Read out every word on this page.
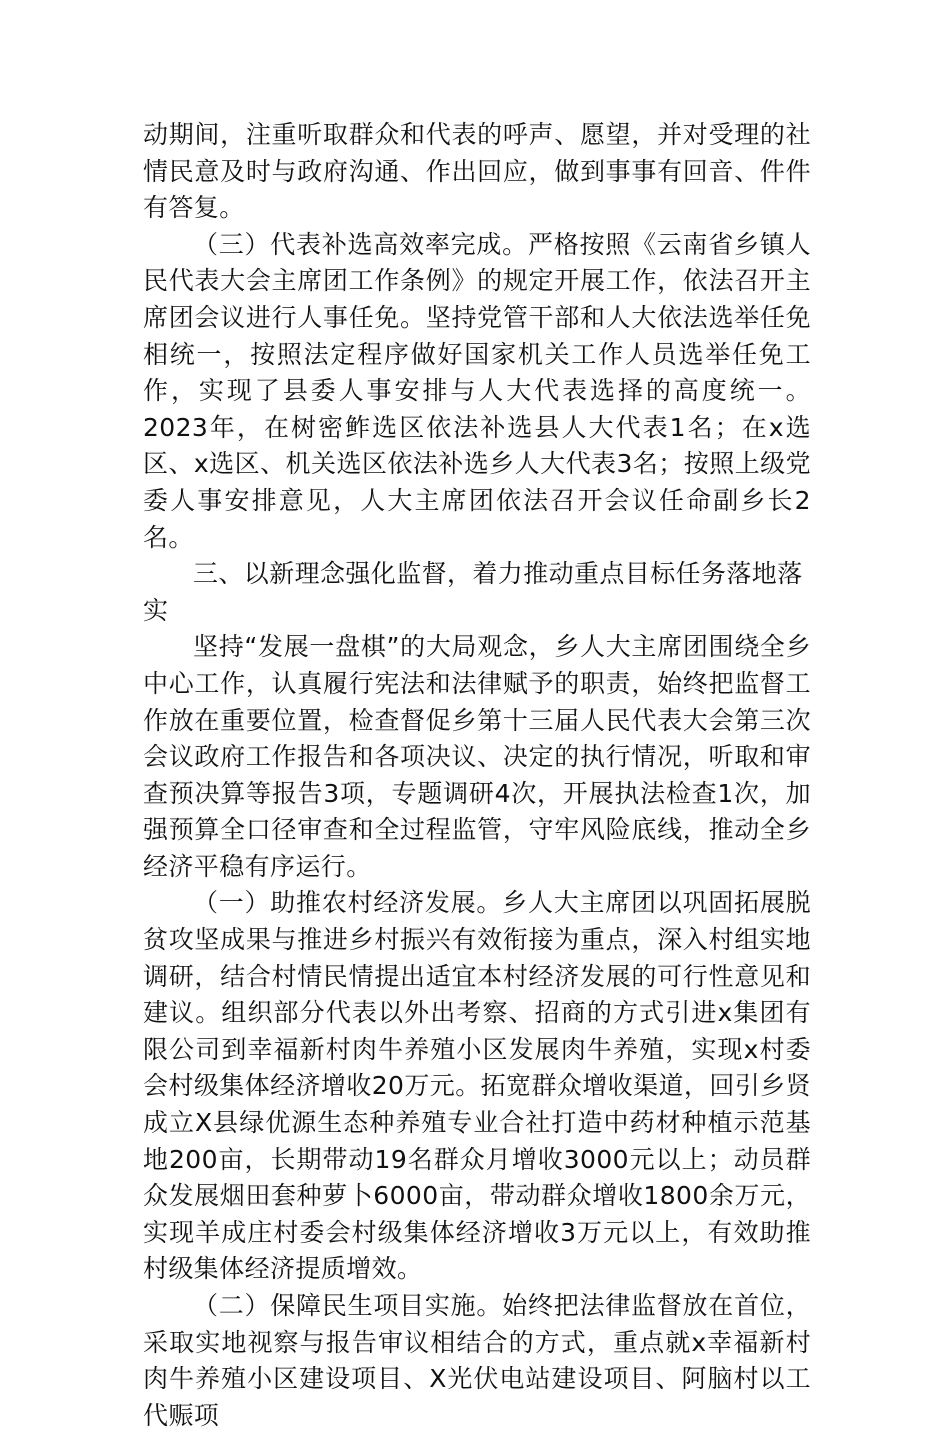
动期间，注重听取群众和代表的呼声、愿望，并对受理的社情民意及时与政府沟通、作出回应，做到事事有回音、件件有答复。

（三）代表补选高效率完成。严格按照《云南省乡镇人民代表大会主席团工作条例》的规定开展工作，依法召开主席团会议进行人事任免。坚持党管干部和人大依法选举任免相统一，按照法定程序做好国家机关工作人员选举任免工作，实现了县委人事安排与人大代表选择的高度统一。2023年，在树密鲊选区依法补选县人大代表1名；在x选区、x选区、机关选区依法补选乡人大代表3名；按照上级党委人事安排意见，人大主席团依法召开会议任命副乡长2名。

三、以新理念强化监督，着力推动重点目标任务落地落实

坚持“发展一盘棋”的大局观念，乡人大主席团围绕全乡中心工作，认真履行宪法和法律赋予的职责，始终把监督工作放在重要位置，检查督促乡第十三届人民代表大会第三次会议政府工作报告和各项决议、决定的执行情况，听取和审查预决算等报告3项，专题调研4次，开展执法检查1次，加强预算全口径审查和全过程监管，守牢风险底线，推动全乡经济平稳有序运行。

（一）助推农村经济发展。乡人大主席团以巩固拓展脱贫攻坚成果与推进乡村振兴有效衔接为重点，深入村组实地调研，结合村情民情提出适宜本村经济发展的可行性意见和建议。组织部分代表以外出考察、招商的方式引进x集团有限公司到幸福新村肉牛养殖小区发展肉牛养殖，实现x村委会村级集体经济增收20万元。拓宽群众增收渠道，回引乡贤成立X县绿优源生态种养殖专业合社打造中药材种植示范基地200亩，长期带动19名群众月增收3000元以上；动员群众发展烟田套种萝卜6000亩，带动群众增收1800余万元，实现羊成庄村委会村级集体经济增收3万元以上，有效助推村级集体经济提质增效。

（二）保障民生项目实施。始终把法律监督放在首位，采取实地视察与报告审议相结合的方式，重点就x幸福新村肉牛养殖小区建设项目、X光伏电站建设项目、阿脑村以工代赈项
